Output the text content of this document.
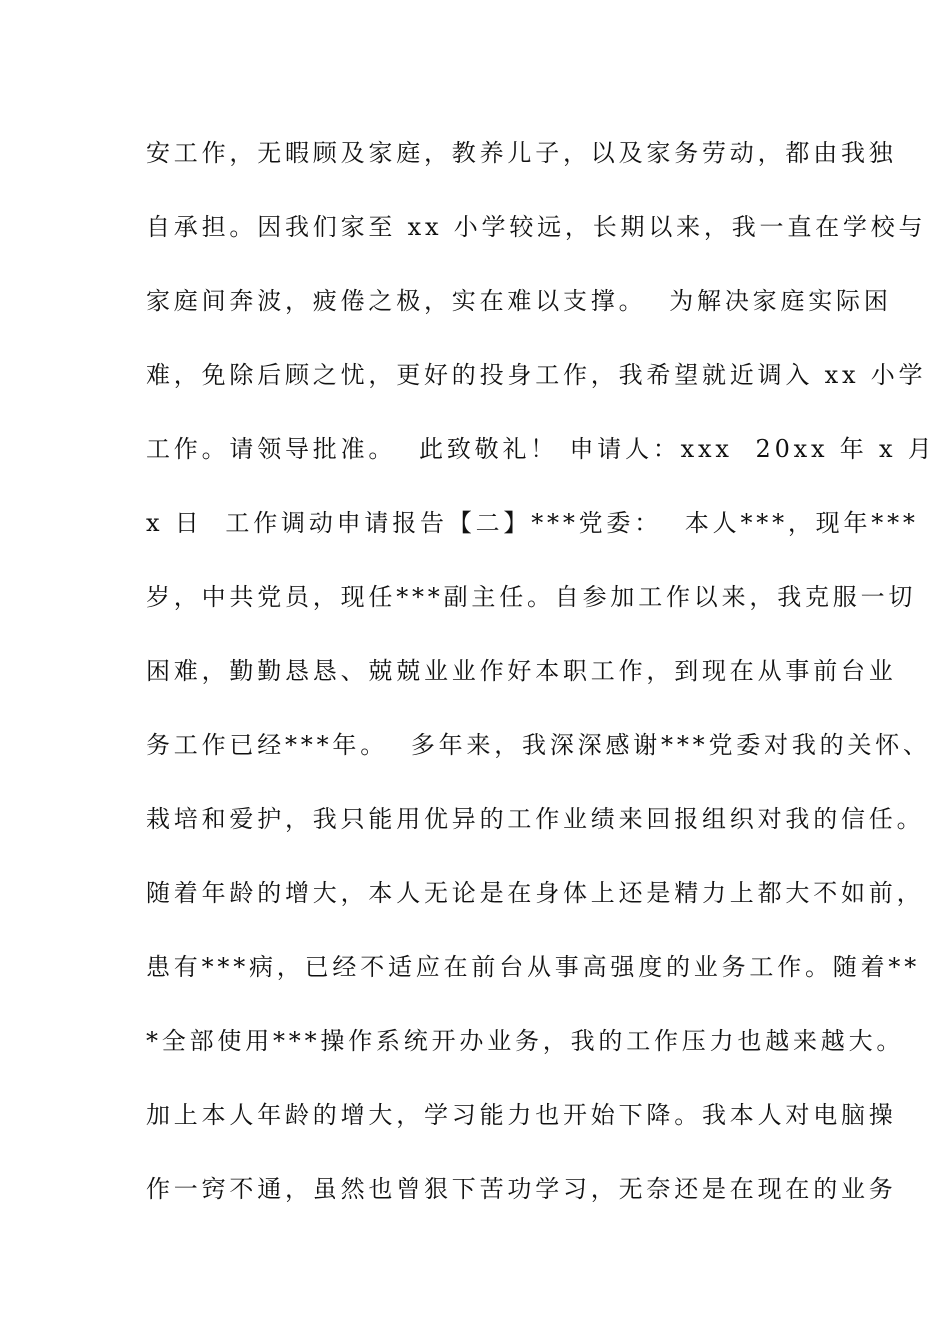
安工作，无暇顾及家庭，教养儿子，以及家务劳动，都由我独
自承担。因我们家至 xx 小学较远，长期以来，我一直在学校与
家庭间奔波，疲倦之极，实在难以支撑。  为解决家庭实际困
难，免除后顾之忧，更好的投身工作，我希望就近调入 xx 小学
工作。请领导批准。  此致敬礼！ 申请人：xxx  20xx 年 x 月
x 日  工作调动申请报告【二】***党委：  本人***，现年***
岁，中共党员，现任***副主任。自参加工作以来，我克服一切
困难，勤勤恳恳、兢兢业业作好本职工作，到现在从事前台业
务工作已经***年。  多年来，我深深感谢***党委对我的关怀、
栽培和爱护，我只能用优异的工作业绩来回报组织对我的信任。
随着年龄的增大，本人无论是在身体上还是精力上都大不如前，
患有***病，已经不适应在前台从事高强度的业务工作。随着**
*全部使用***操作系统开办业务，我的工作压力也越来越大。
加上本人年龄的增大，学习能力也开始下降。我本人对电脑操
作一窍不通，虽然也曾狠下苦功学习，无奈还是在现在的业务
